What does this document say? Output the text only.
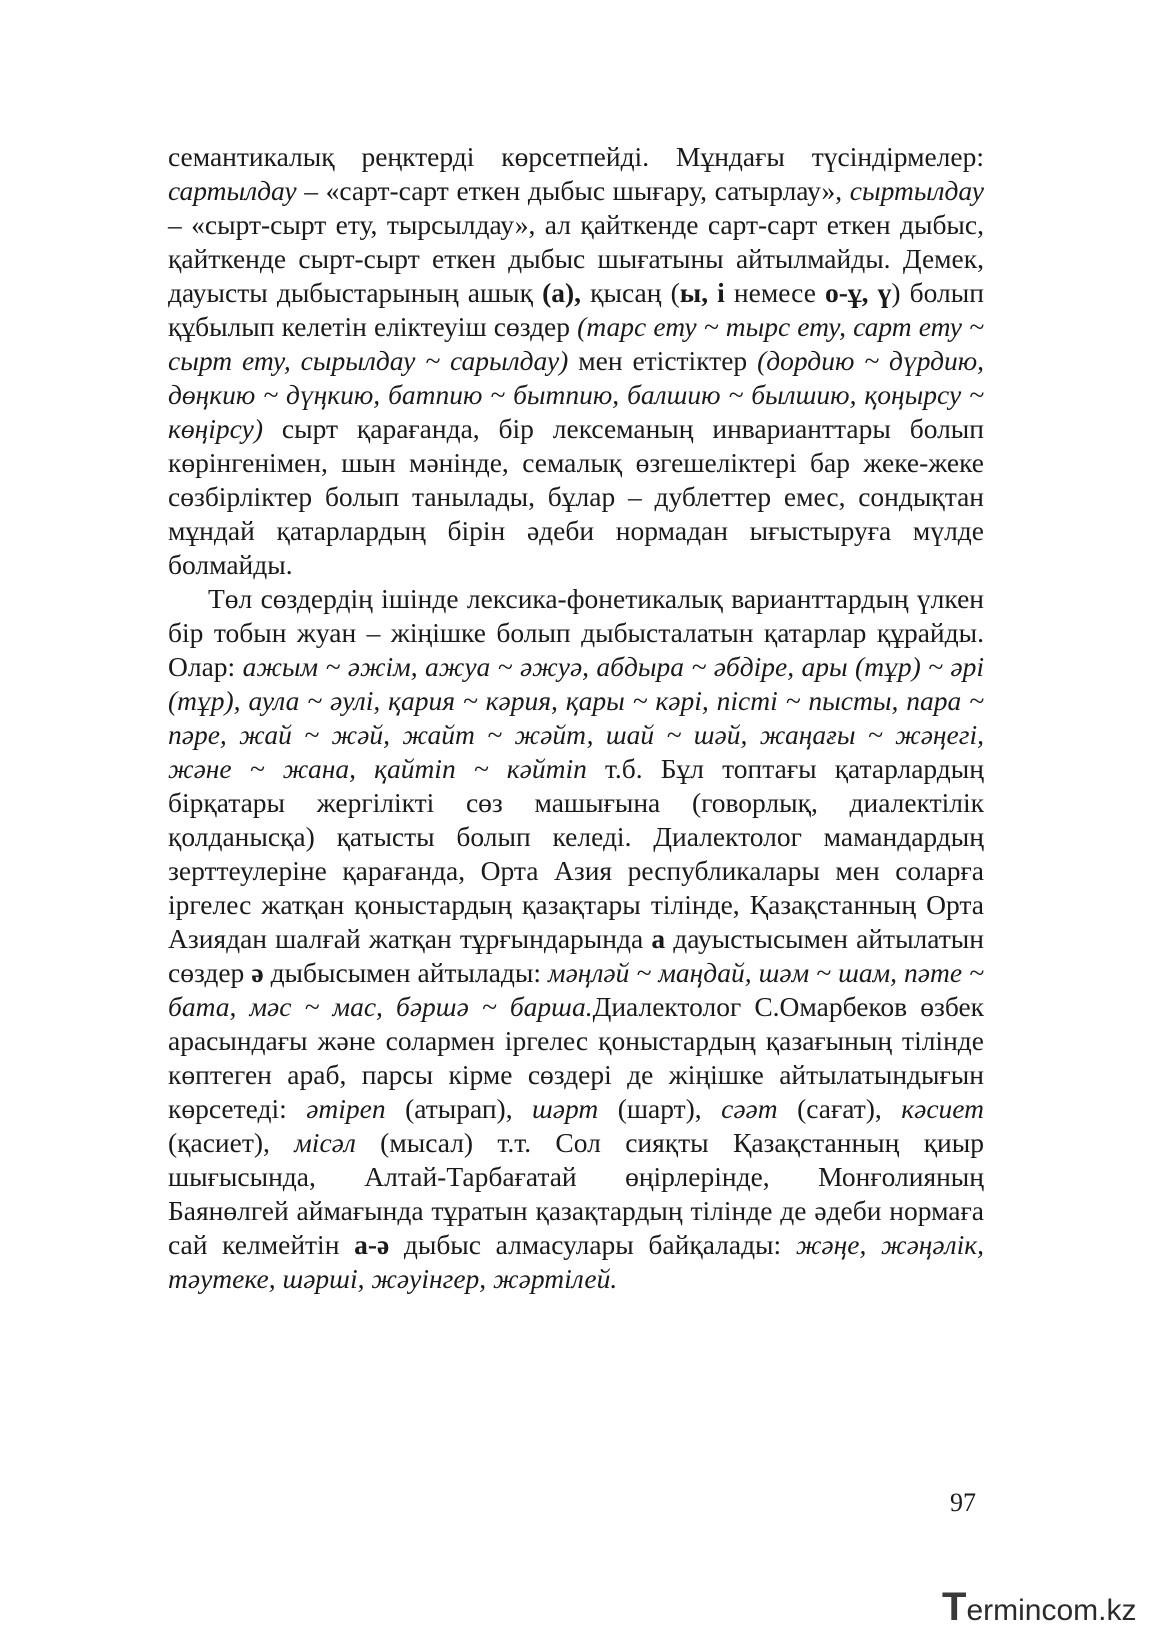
семантикалық реңктерді көрсетпейді. Мұндағы түсіндірмелер: сартылдау – «сарт-сарт еткен дыбыс шығару, сатырлау», сыртылдау – «сырт-сырт ету, тырсылдау», ал қайткенде сарт-сарт еткен дыбыс, қайткенде сырт-сырт еткен дыбыс шығатыны айтылмайды. Демек, дауысты дыбыстарының ашық (а), қысаң (ы, і немесе о-ұ, ү) болып құбылып келетін еліктеуіш сөздер (тарс ету ~ тырс ету, сарт ету ~ сырт ету, сырылдау ~ сарылдау) мен етістіктер (дордию ~ дүрдию, дөңкию ~ дүңкию, батпию ~ бытпию, балшию ~ былшию, қоңырсу ~ көңірсу) сырт қарағанда, бір лексеманың инварианттары болып көрінгенімен, шын мәнінде, семалық өзгешеліктері бар жеке-жеке сөзбірліктер болып танылады, бұлар – дублеттер емес, сондықтан мұндай қатарлардың бірін әдеби нормадан ығыстыруға мүлде болмайды.

Төл сөздердің ішінде лексика-фонетикалық варианттардың үлкен бір тобын жуан – жіңішке болып дыбысталатын қатарлар құрайды. Олар: ажым ~ әжім, ажуа ~ әжуә, абдыра ~ әбдіре, ары (тұр) ~ әрі (тұр), аула ~ әулі, қария ~ кәрия, қары ~ кәрі, пісті ~ пысты, пара ~ пәре, жай ~ жәй, жайт ~ жәйт, шай ~ шәй, жаңағы ~ жәңегі, және ~ жана, қайтіп ~ кәйтіп т.б. Бұл топтағы қатарлардың бірқатары жергілікті сөз машығына (говорлық, диалектілік қолданысқа) қатысты болып келеді. Диалектолог мамандардың зерттеулеріне қарағанда, Орта Азия республикалары мен соларға іргелес жатқан қоныстардың қазақтары тілінде, Қазақстанның Орта Азиядан шалғай жатқан тұрғындарында а дауыстысымен айтылатын сөздер ә дыбысымен айтылады: мәңләй ~ маңдай, шәм ~ шам, пәте ~ бата, мәс ~ мас, бәршә ~ барша.Диалектолог С.Омарбеков өзбек арасындағы және солармен іргелес қоныстардың қазағының тілінде көптеген араб, парсы кірме сөздері де жіңішке айтылатындығын көрсетеді: әтіреп (атырап), шәрт (шарт), сәәт (сағат), кәсиет (қасиет), місәл (мысал) т.т. Сол сияқты Қазақстанның қиыр шығысында, Алтай-Тарбағатай өңірлерінде, Монғолияның Баянөлгей аймағында тұратын қазақтардың тілінде де әдеби нормаға сай келмейтін а-ә дыбыс алмасулары байқалады: жәңе, жәңәлік, тәутеке, шәрші, жәуінгер, жәртілей.

97
Termincom.kz
